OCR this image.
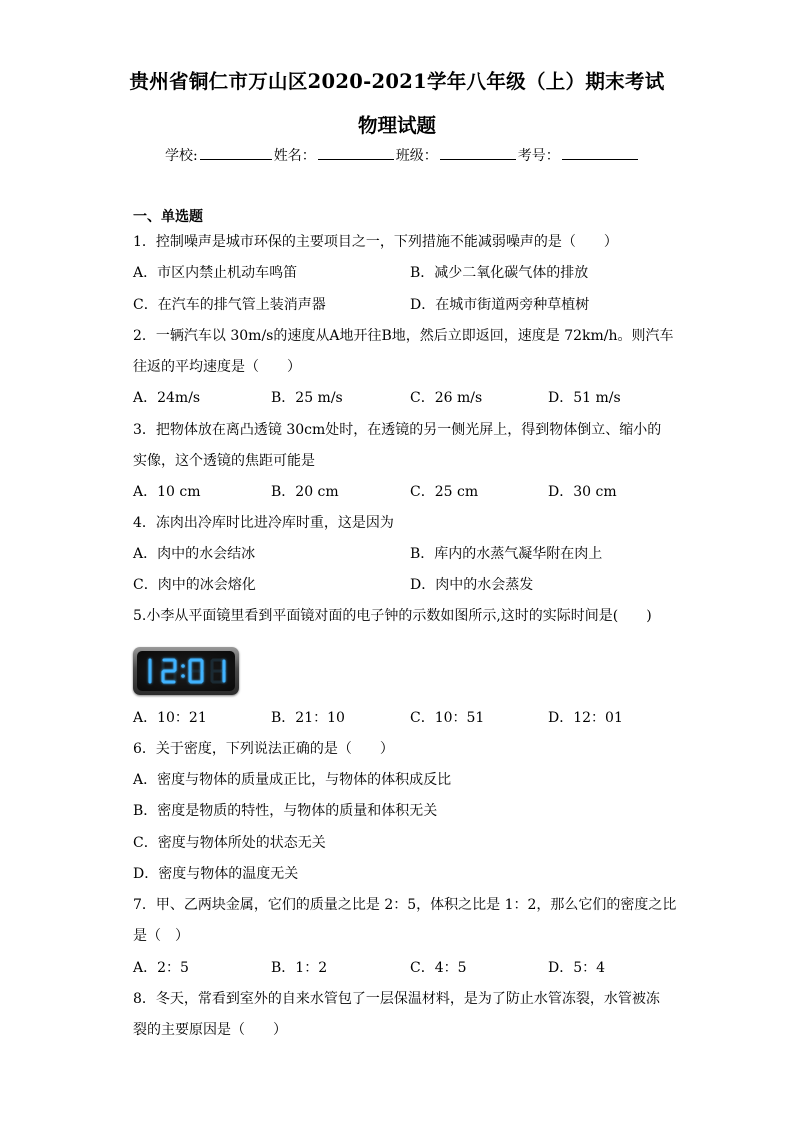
贵州省铜仁市万山区2020-2021学年八年级（上）期末考试
物理试题
学校:	姓名：	班级：	考号：
一、单选题
1．控制噪声是城市环保的主要项目之一，下列措施不能减弱噪声的是（　　）
A．市区内禁止机动车鸣笛	B．减少二氧化碳气体的排放
C．在汽车的排气管上装消声器	D．在城市街道两旁种草植树
2．一辆汽车以 30m/s的速度从A地开往B地，然后立即返回，速度是 72km/h。则汽车
往返的平均速度是（　　）
A．24m/s	B．25 m/s	C．26 m/s	D．51 m/s
3．把物体放在离凸透镜 30cm处时，在透镜的另一侧光屏上，得到物体倒立、缩小的
实像，这个透镜的焦距可能是
A．10 cm	B．20 cm	C．25 cm	D．30 cm
4．冻肉出冷库时比进冷库时重，这是因为
A．肉中的水会结冰	B．库内的水蒸气凝华附在肉上
C．肉中的冰会熔化	D．肉中的水会蒸发
5.小李从平面镜里看到平面镜对面的电子钟的示数如图所示,这时的实际时间是(　　)
A．10：21	B．21：10	C．10：51	D．12：01
6．关于密度，下列说法正确的是（　　）
A．密度与物体的质量成正比，与物体的体积成反比
B．密度是物质的特性，与物体的质量和体积无关
C．密度与物体所处的状态无关
D．密度与物体的温度无关
7．甲、乙两块金属，它们的质量之比是 2：5，体积之比是 1：2，那么它们的密度之比
是（　）
A．2：5	B．1：2	C．4：5	D．5：4
8．冬天，常看到室外的自来水管包了一层保温材料，是为了防止水管冻裂，水管被冻
裂的主要原因是（　　）
